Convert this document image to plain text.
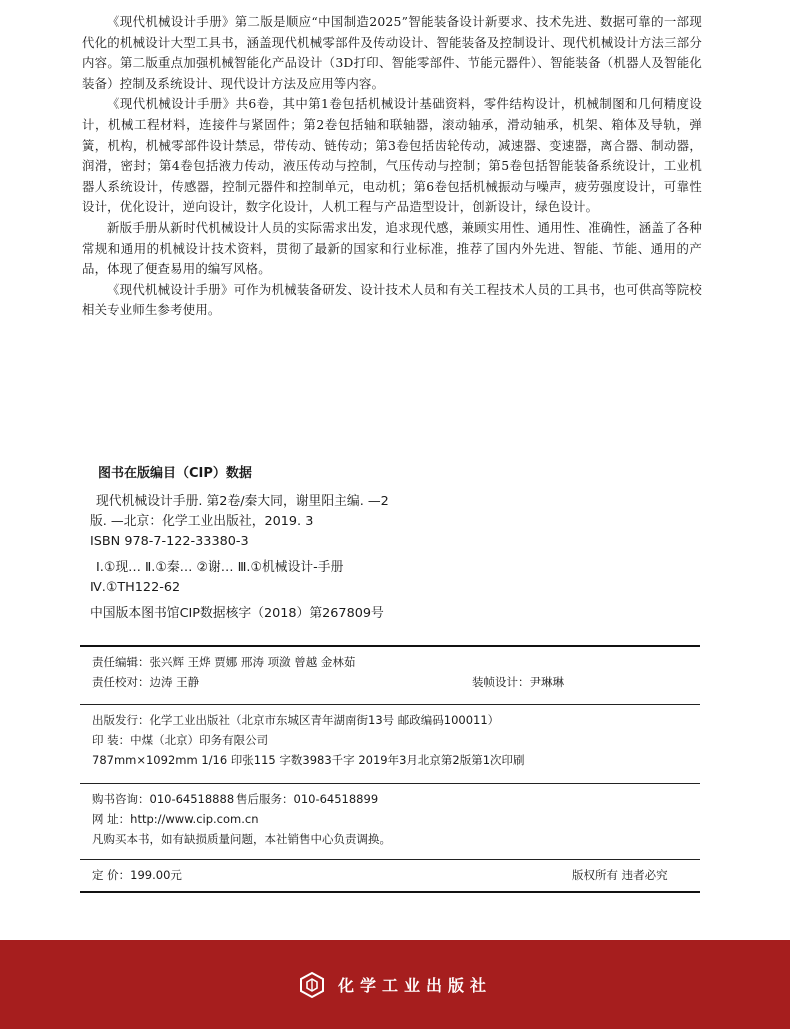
《现代机械设计手册》第二版是顺应“中国制造2025”智能装备设计新要求、技术先进、数据可靠的一部现代化的机械设计大型工具书，涵盖现代机械零部件及传动设计、智能装备及控制设计、现代机械设计方法三部分内容。第二版重点加强机械智能化产品设计（3D打印、智能零部件、节能元器件）、智能装备（机器人及智能化装备）控制及系统设计、现代设计方法及应用等内容。

《现代机械设计手册》共6卷，其中第1卷包括机械设计基础资料，零件结构设计，机械制图和几何精度设计，机械工程材料，连接件与紧固件；第2卷包括轴和联轴器，滚动轴承，滑动轴承，机架、箱体及导轨，弹簧，机构，机械零部件设计禁忌，带传动、链传动；第3卷包括齿轮传动，减速器、变速器，离合器、制动器，润滑，密封；第4卷包括液力传动，液压传动与控制，气压传动与控制；第5卷包括智能装备系统设计，工业机器人系统设计，传感器，控制元器件和控制单元，电动机；第6卷包括机械振动与噪声，疲劳强度设计，可靠性设计，优化设计，逆向设计，数字化设计，人机工程与产品造型设计，创新设计，绿色设计。

新版手册从新时代机械设计人员的实际需求出发，追求现代感，兼顾实用性、通用性、准确性，涵盖了各种常规和通用的机械设计技术资料，贯彻了最新的国家和行业标准，推荐了国内外先进、智能、节能、通用的产品，体现了便查易用的编写风格。

《现代机械设计手册》可作为机械装备研发、设计技术人员和有关工程技术人员的工具书，也可供高等院校相关专业师生参考使用。

图书在版编目（CIP）数据
现代机械设计手册. 第2卷/秦大同，谢里阳主编. —2
版. —北京：化学工业出版社，2019. 3
ISBN 978-7-122-33380-3
Ⅰ.①现… Ⅱ.①秦… ②谢… Ⅲ.①机械设计-手册
Ⅳ.①TH122-62
中国版本图书馆CIP数据核字（2018）第267809号
责任编辑：张兴辉 王烨 贾娜 邢涛 项潋 曾越 金林茹
责任校对：边涛 王静	装帧设计：尹琳琳
出版发行：化学工业出版社（北京市东城区青年湖南街13号 邮政编码100011）
印 装：中煤（北京）印务有限公司
787mm×1092mm 1/16 印张115 字数3983千字 2019年3月北京第2版第1次印刷
购书咨询：010-64518888 售后服务：010-64518899
网 址：http://www.cip.com.cn
凡购买本书，如有缺损质量问题，本社销售中心负责调换。
定 价：199.00元	版权所有 违者必究
化学工业出版社
